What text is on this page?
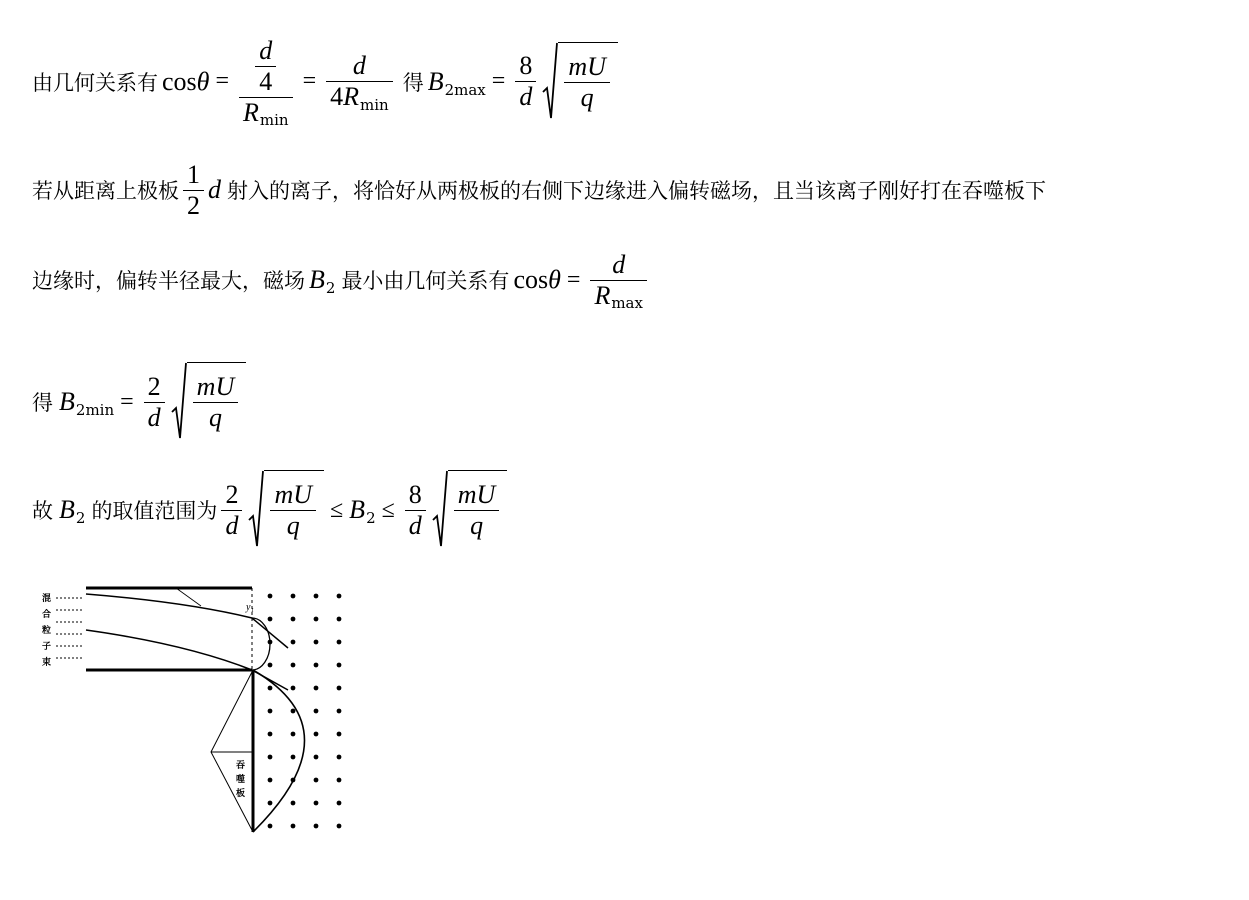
由几何关系有 $\cos \theta = \frac{\frac{d}{4}}{\text{R min}} = \frac{d}{\text{4 R min}}$ 得 B $2\max = \frac{8}{d} \frac{mU}{q}$
若从距离上极板 $\frac{1}{2}$ d 射入的离子，将恰好从两极板的右侧下边缘进入偏转磁场，且当该离子刚好打在吞噬板下
边缘时，偏转半径最大，磁场 B 2 最小由几何关系有 $\cos \theta = \frac{d}{\text{R max}}$
得 B $2\min = \frac{2}{d} \frac{mU}{q}$
故 B 2 的取值范围为 $\frac{2}{d} \frac{mU}{q} \le B$ $2 \le \frac{8}{d} \frac{mU}{q}$
混
合
粒
子
束
吞
噬
板
y₁
